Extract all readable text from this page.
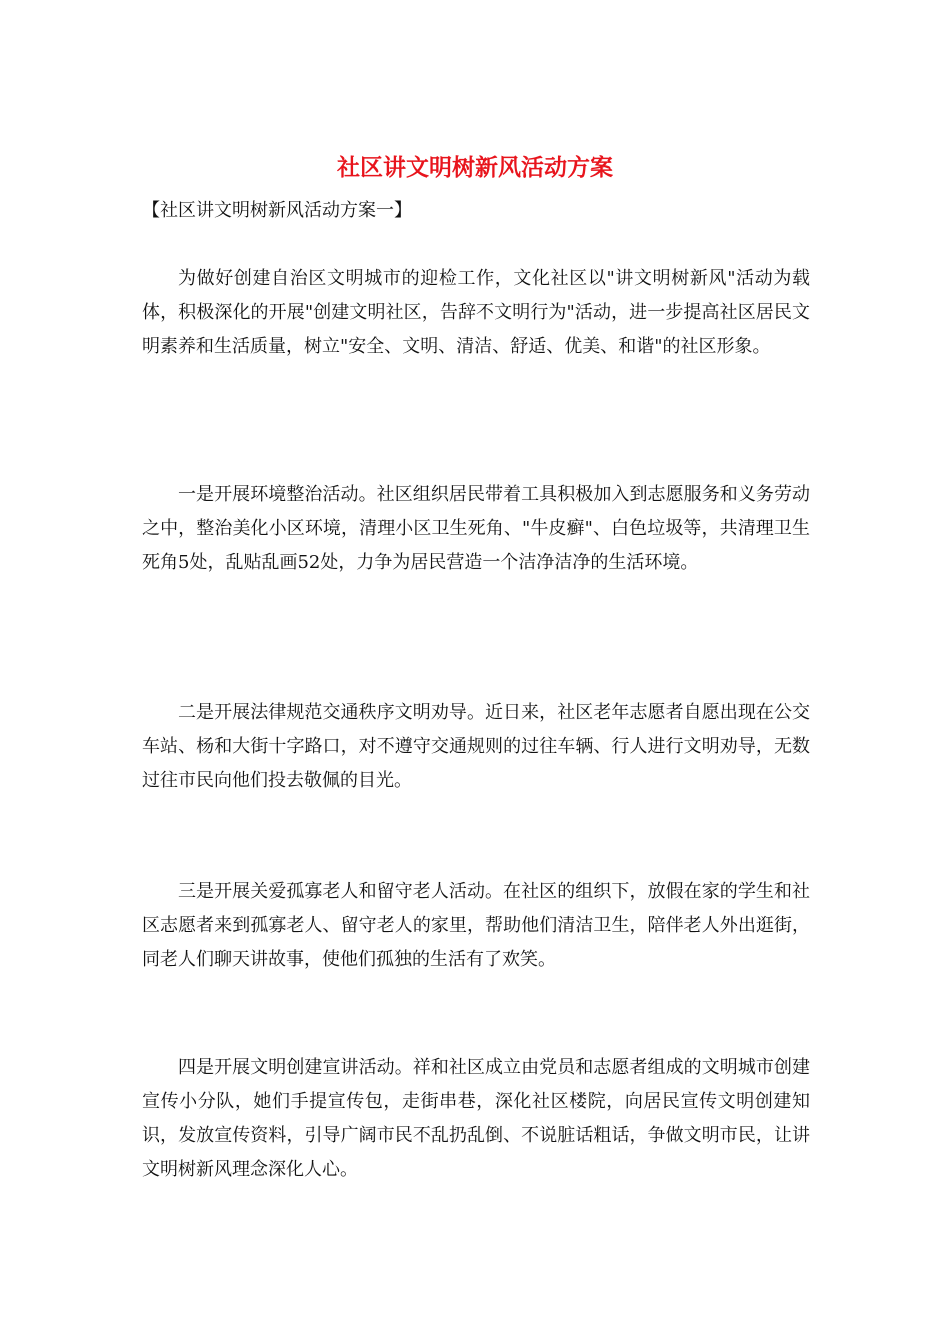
社区讲文明树新风活动方案

【社区讲文明树新风活动方案一】

为做好创建自治区文明城市的迎检工作，文化社区以"讲文明树新风"活动为载体，积极深化的开展"创建文明社区，告辞不文明行为"活动，进一步提高社区居民文明素养和生活质量，树立"安全、文明、清洁、舒适、优美、和谐"的社区形象。

一是开展环境整治活动。社区组织居民带着工具积极加入到志愿服务和义务劳动之中，整治美化小区环境，清理小区卫生死角、"牛皮癣"、白色垃圾等，共清理卫生死角5处，乱贴乱画52处，力争为居民营造一个洁净洁净的生活环境。

二是开展法律规范交通秩序文明劝导。近日来，社区老年志愿者自愿出现在公交车站、杨和大街十字路口，对不遵守交通规则的过往车辆、行人进行文明劝导，无数过往市民向他们投去敬佩的目光。

三是开展关爱孤寡老人和留守老人活动。在社区的组织下，放假在家的学生和社区志愿者来到孤寡老人、留守老人的家里，帮助他们清洁卫生，陪伴老人外出逛街，同老人们聊天讲故事，使他们孤独的生活有了欢笑。

四是开展文明创建宣讲活动。祥和社区成立由党员和志愿者组成的文明城市创建宣传小分队，她们手提宣传包，走街串巷，深化社区楼院，向居民宣传文明创建知识，发放宣传资料，引导广阔市民不乱扔乱倒、不说脏话粗话，争做文明市民，让讲文明树新风理念深化人心。
